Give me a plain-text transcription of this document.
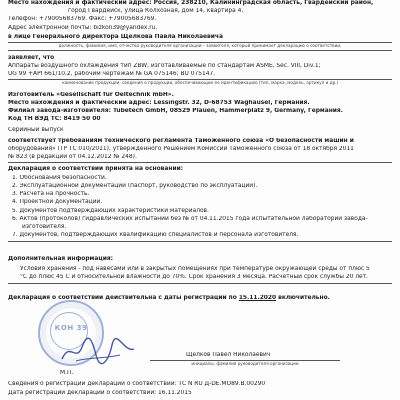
Место нахождения и фактический адрес: Россия, 238210, Калининградская область, Гвардейский район,
город Гвардейск, улица Колхозная, дом 14, квартира 4.
Телефон: +79005683769. Факс: +79005683769.
Адрес электронной почты: bizkon39@yandex.ru.
в лице Генерального директора Щелкова Павла Николаевича
должность, фамилия, имя, отчество руководителя организации – заявителя, который принимает декларацию о соответствии,
заявляет, что
Аппараты воздушного охлаждения тип ZBW, изготавливаемые по стандартам ASME, Sec. VIII, Div.1;
UG 99 +API 661/10.2, рабочим чертежам № GA 075146; BU 075147.
наименование продукции, сведения о продукции, обеспечивающие ее идентификацию (тип, марка, модель, артикул и др.)
Изготовитель «Gesellschaft für Oeltechnik mbH».
Место нахождения и фактический адрес: Lessingstr. 32, D-68753 Waghäusel, Германия.
Филиал завода-изготовителя: Tubetech GmbH, 08529 Plauen, Hammerplatz 9, Germany, Германия.
Код ТН ВЭД ТС: 8419 50 00
Серийный выпуск
соответствует требованиям технического регламента Таможенного союза «О безопасности машин и
оборудования» (ТР ТС 010/2011), утвержденного Решением Комиссии Таможенного союза от 18 октября 2011
№ 823 (в редакции от 04.12.2012 № 248).
Декларация о соответствии принята на основании:
1. Обоснования безопасности.
2. Эксплуатационной документации (паспорт, руководство по эксплуатации).
3. Расчета на прочность.
4. Проектной документации.
5. Документов подтверждающих характеристики материалов.
6. Актов (протоколов) гидравлических испытаний без № от 04.11.2015 года испытательной лаборатории завода-
изготовителя.
7. Документов, подтверждающих квалификацию специалистов и персонала изготовителя.
Дополнительная информация:
Условия хранения - под навесами или в закрытых помещениях при температуре окружающей среды от плюс 5
°С до плюс 45 С и относительной влажности до 70%. Срок хранения 3 месяца. Расчетный срок службы 20 лет.
Декларация о соответствии действительна с даты регистрации по 15.11.2020 включительно.
КОН 39
Щелков Павел Николаевич
инициалы, фамилия руководителя организации
М.П.
Сведения о регистрации декларации о соответствии: ТС N RU Д-DE.МО89.В.00290
Дата регистрации декларации о соответствии: 16.11.2015
